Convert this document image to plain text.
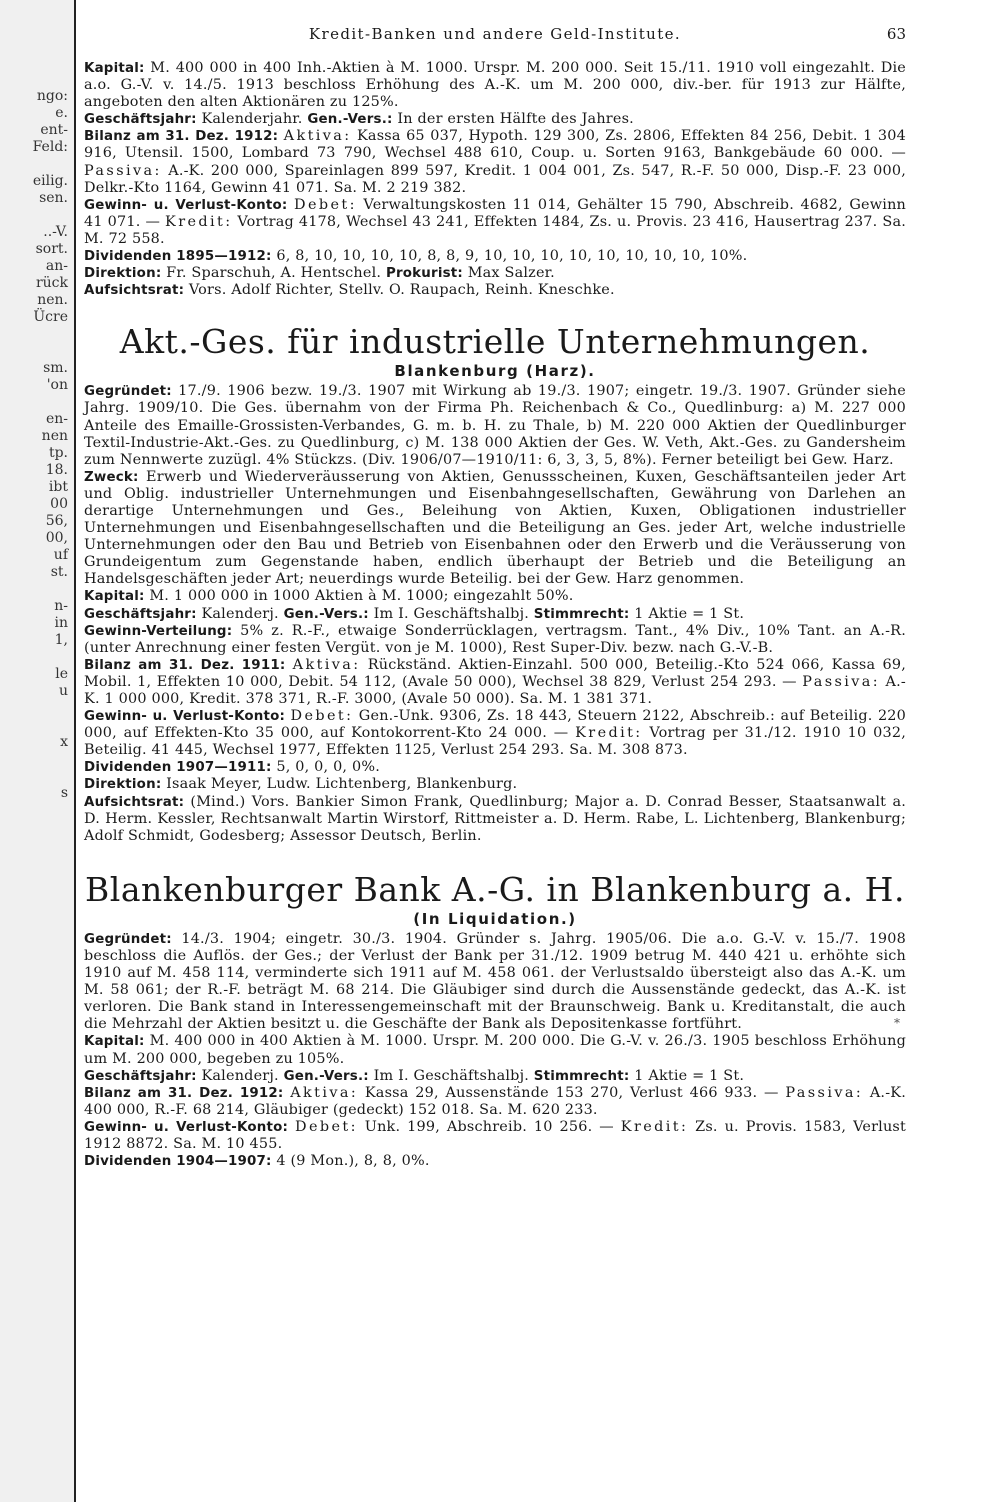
ngo:
e.
ent-
Feld:

eilig.
sen.

..-V.
sort.
an-
rück
nen.
Ücre

sm.
'on

en-
nen
tp.
18.
ibt
00
56,
00,
uf
st.

n-
in
1,

le
u

x

s
Kredit-Banken und andere Geld-Institute.	63

Kapital: M. 400 000 in 400 Inh.-Aktien à M. 1000. Urspr. M. 200 000. Seit 15./11. 1910 voll eingezahlt. Die a.o. G.-V. v. 14./5. 1913 beschloss Erhöhung des A.-K. um M. 200 000, div.-ber. für 1913 zur Hälfte, angeboten den alten Aktionären zu 125%.

Geschäftsjahr: Kalenderjahr. Gen.-Vers.: In der ersten Hälfte des Jahres.

Bilanz am 31. Dez. 1912: Aktiva: Kassa 65 037, Hypoth. 129 300, Zs. 2806, Effekten 84 256, Debit. 1 304 916, Utensil. 1500, Lombard 73 790, Wechsel 488 610, Coup. u. Sorten 9163, Bankgebäude 60 000. — Passiva: A.-K. 200 000, Spareinlagen 899 597, Kredit. 1 004 001, Zs. 547, R.-F. 50 000, Disp.-F. 23 000, Delkr.-Kto 1164, Gewinn 41 071. Sa. M. 2 219 382.

Gewinn- u. Verlust-Konto: Debet: Verwaltungskosten 11 014, Gehälter 15 790, Abschreib. 4682, Gewinn 41 071. — Kredit: Vortrag 4178, Wechsel 43 241, Effekten 1484, Zs. u. Provis. 23 416, Hausertrag 237. Sa. M. 72 558.

Dividenden 1895—1912: 6, 8, 10, 10, 10, 10, 8, 8, 9, 10, 10, 10, 10, 10, 10, 10, 10, 10%.

Direktion: Fr. Sparschuh, A. Hentschel. Prokurist: Max Salzer.

Aufsichtsrat: Vors. Adolf Richter, Stellv. O. Raupach, Reinh. Kneschke.

Akt.-Ges. für industrielle Unternehmungen.
Blankenburg (Harz).

Gegründet: 17./9. 1906 bezw. 19./3. 1907 mit Wirkung ab 19./3. 1907; eingetr. 19./3. 1907. Gründer siehe Jahrg. 1909/10. Die Ges. übernahm von der Firma Ph. Reichenbach & Co., Quedlinburg: a) M. 227 000 Anteile des Emaille-Grossisten-Verbandes, G. m. b. H. zu Thale, b) M. 220 000 Aktien der Quedlinburger Textil-Industrie-Akt.-Ges. zu Quedlinburg, c) M. 138 000 Aktien der Ges. W. Veth, Akt.-Ges. zu Gandersheim zum Nennwerte zuzügl. 4% Stückzs. (Div. 1906/07—1910/11: 6, 3, 3, 5, 8%). Ferner beteiligt bei Gew. Harz.

Zweck: Erwerb und Wiederveräusserung von Aktien, Genussscheinen, Kuxen, Geschäftsanteilen jeder Art und Oblig. industrieller Unternehmungen und Eisenbahngesellschaften, Gewährung von Darlehen an derartige Unternehmungen und Ges., Beleihung von Aktien, Kuxen, Obligationen industrieller Unternehmungen und Eisenbahngesellschaften und die Beteiligung an Ges. jeder Art, welche industrielle Unternehmungen oder den Bau und Betrieb von Eisenbahnen oder den Erwerb und die Veräusserung von Grundeigentum zum Gegenstande haben, endlich überhaupt der Betrieb und die Beteiligung an Handelsgeschäften jeder Art; neuerdings wurde Beteilig. bei der Gew. Harz genommen.

Kapital: M. 1 000 000 in 1000 Aktien à M. 1000; eingezahlt 50%.

Geschäftsjahr: Kalenderj. Gen.-Vers.: Im I. Geschäftshalbj. Stimmrecht: 1 Aktie = 1 St.

Gewinn-Verteilung: 5% z. R.-F., etwaige Sonderrücklagen, vertragsm. Tant., 4% Div., 10% Tant. an A.-R. (unter Anrechnung einer festen Vergüt. von je M. 1000), Rest Super-Div. bezw. nach G.-V.-B.

Bilanz am 31. Dez. 1911: Aktiva: Rückständ. Aktien-Einzahl. 500 000, Beteilig.-Kto 524 066, Kassa 69, Mobil. 1, Effekten 10 000, Debit. 54 112, (Avale 50 000), Wechsel 38 829, Verlust 254 293. — Passiva: A.-K. 1 000 000, Kredit. 378 371, R.-F. 3000, (Avale 50 000). Sa. M. 1 381 371.

Gewinn- u. Verlust-Konto: Debet: Gen.-Unk. 9306, Zs. 18 443, Steuern 2122, Abschreib.: auf Beteilig. 220 000, auf Effekten-Kto 35 000, auf Kontokorrent-Kto 24 000. — Kredit: Vortrag per 31./12. 1910 10 032, Beteilig. 41 445, Wechsel 1977, Effekten 1125, Verlust 254 293. Sa. M. 308 873.

Dividenden 1907—1911: 5, 0, 0, 0, 0%.

Direktion: Isaak Meyer, Ludw. Lichtenberg, Blankenburg.

Aufsichtsrat: (Mind.) Vors. Bankier Simon Frank, Quedlinburg; Major a. D. Conrad Besser, Staatsanwalt a. D. Herm. Kessler, Rechtsanwalt Martin Wirstorf, Rittmeister a. D. Herm. Rabe, L. Lichtenberg, Blankenburg; Adolf Schmidt, Godesberg; Assessor Deutsch, Berlin.

Blankenburger Bank A.-G. in Blankenburg a. H.
(In Liquidation.)

Gegründet: 14./3. 1904; eingetr. 30./3. 1904. Gründer s. Jahrg. 1905/06. Die a.o. G.-V. v. 15./7. 1908 beschloss die Auflös. der Ges.; der Verlust der Bank per 31./12. 1909 betrug M. 440 421 u. erhöhte sich 1910 auf M. 458 114, verminderte sich 1911 auf M. 458 061. der Verlustsaldo übersteigt also das A.-K. um M. 58 061; der R.-F. beträgt M. 68 214. Die Gläubiger sind durch die Aussenstände gedeckt, das A.-K. ist verloren. Die Bank stand in Interessengemeinschaft mit der Braunschweig. Bank u. Kreditanstalt, die auch die Mehrzahl der Aktien besitzt u. die Geschäfte der Bank als Depositenkasse fortführt.

Kapital: M. 400 000 in 400 Aktien à M. 1000. Urspr. M. 200 000. Die G.-V. v. 26./3. 1905 beschloss Erhöhung um M. 200 000, begeben zu 105%.

Geschäftsjahr: Kalenderj. Gen.-Vers.: Im I. Geschäftshalbj. Stimmrecht: 1 Aktie = 1 St.

Bilanz am 31. Dez. 1912: Aktiva: Kassa 29, Aussenstände 153 270, Verlust 466 933. — Passiva: A.-K. 400 000, R.-F. 68 214, Gläubiger (gedeckt) 152 018. Sa. M. 620 233.

Gewinn- u. Verlust-Konto: Debet: Unk. 199, Abschreib. 10 256. — Kredit: Zs. u. Provis. 1583, Verlust 1912 8872. Sa. M. 10 455.

Dividenden 1904—1907: 4 (9 Mon.), 8, 8, 0%.

*
